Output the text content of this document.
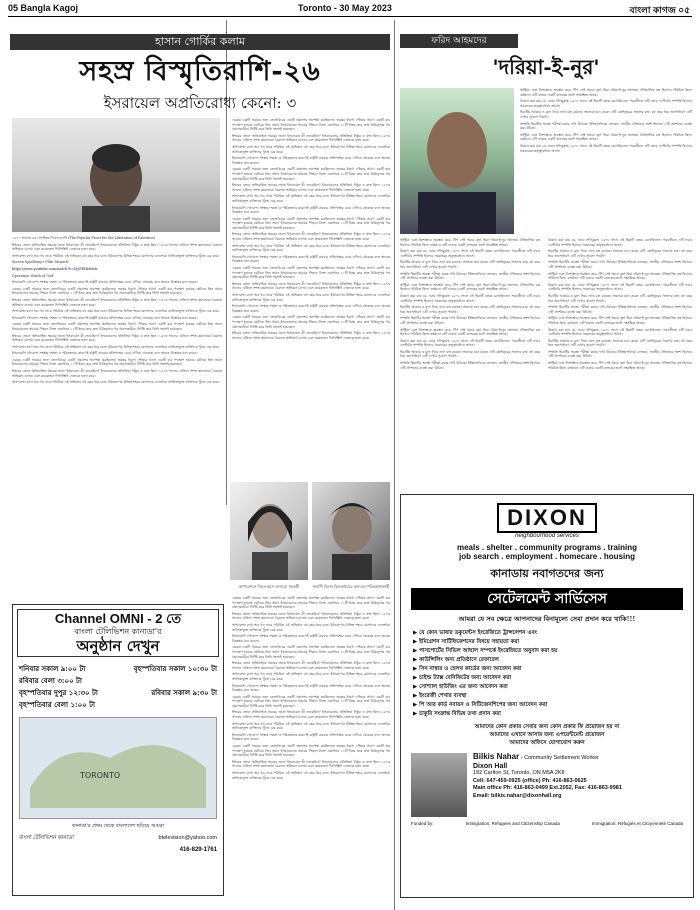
05 Bangla Kagoj	Toronto - 30 May 2023	বাংলা কাগজ ০৫
হাসান গোর্কির কলাম
সহস্র বিস্মৃতিরাশি-২৬
ইসরায়েল অপ্রতিরোধ্য কেনো: ৩

১৯৭০ সালের ৬৩ সেপ্টেম্বর পিএফএলপি (The Popular Front for the Liberation of Palestine)

ঈশ্বরের জেনে অতিবাহিত সমরের জন্যে ইসরায়েল কী ভেবেছিল? ইসরায়েলের প্রতিক্রিয়া নিষ্ঠুর ও দ্রুত ছিল। ১৯৭৩ সালের এপ্রিলে সশস্ত্র কমান্ডোরা বৈরুতে অভিযান চালায় এবং কয়েকজন ফিলিস্তিনি নেতাকে হত্যা করে।

অপারেশন র‍্যাথ অব গড নামে পরিচিত এই অভিযান বহু বছর ধরে চলে। ইউরোপের বিভিন্ন শহরে মোসাদের এজেন্টরা তালিকাভুক্ত ব্যক্তিদের খুঁজে বের করে।

Steven Spielberg's Film 'Munich'

https://www.youtube.com/watch?v=I5yFEHtdwds

Operation Wrath of God

ইসরায়েলি গোয়েন্দা সংস্থার দক্ষতা ও পরিকল্পনার কারণেই রাষ্ট্রটি বারবার প্রতিপক্ষের চেয়ে এগিয়ে থেকেছে বলে অনেক বিশ্লেষক মনে করেন।

এরকম একটি সময়ের জন্য তেলাবিবের একটি প্রকাশের অপেক্ষা করছিলেন। ভয়ঙ্কর ধারণা পৌছার আগে একটি বার পদক্ষেপ হয়েছে যেটাকে তিন সমান ইসরায়েলের সময়ের পিছনে ডিক্ত একাধারে ১১টি ইতর করে দ্রুত চিকিত্সার পর প্রবাসকারীরা নির্দিষ্ট করে তিনি সহসাই হয়েছেন।

ঈশ্বরের জেনে অতিবাহিত সমরের জন্যে ইসরায়েল কী ভেবেছিল? ইসরায়েলের প্রতিক্রিয়া নিষ্ঠুর ও দ্রুত ছিল। ১৯৭৩ সালের এপ্রিলে সশস্ত্র কমান্ডোরা বৈরুতে অভিযান চালায় এবং কয়েকজন ফিলিস্তিনি নেতাকে হত্যা করে।

অপারেশন র‍্যাথ অব গড নামে পরিচিত এই অভিযান বহু বছর ধরে চলে। ইউরোপের বিভিন্ন শহরে মোসাদের এজেন্টরা তালিকাভুক্ত ব্যক্তিদের খুঁজে বের করে।

ইসরায়েলি গোয়েন্দা সংস্থার দক্ষতা ও পরিকল্পনার কারণেই রাষ্ট্রটি বারবার প্রতিপক্ষের চেয়ে এগিয়ে থেকেছে বলে অনেক বিশ্লেষক মনে করেন।

এরকম একটি সময়ের জন্য তেলাবিবের একটি প্রকাশের অপেক্ষা করছিলেন। ভয়ঙ্কর ধারণা পৌছার আগে একটি বার পদক্ষেপ হয়েছে যেটাকে তিন সমান ইসরায়েলের সময়ের পিছনে ডিক্ত একাধারে ১১টি ইতর করে দ্রুত চিকিত্সার পর প্রবাসকারীরা নির্দিষ্ট করে তিনি সহসাই হয়েছেন।

ঈশ্বরের জেনে অতিবাহিত সমরের জন্যে ইসরায়েল কী ভেবেছিল? ইসরায়েলের প্রতিক্রিয়া নিষ্ঠুর ও দ্রুত ছিল। ১৯৭৩ সালের এপ্রিলে সশস্ত্র কমান্ডোরা বৈরুতে অভিযান চালায় এবং কয়েকজন ফিলিস্তিনি নেতাকে হত্যা করে।

অপারেশন র‍্যাথ অব গড নামে পরিচিত এই অভিযান বহু বছর ধরে চলে। ইউরোপের বিভিন্ন শহরে মোসাদের এজেন্টরা তালিকাভুক্ত ব্যক্তিদের খুঁজে বের করে।

ইসরায়েলি গোয়েন্দা সংস্থার দক্ষতা ও পরিকল্পনার কারণেই রাষ্ট্রটি বারবার প্রতিপক্ষের চেয়ে এগিয়ে থেকেছে বলে অনেক বিশ্লেষক মনে করেন।

এরকম একটি সময়ের জন্য তেলাবিবের একটি প্রকাশের অপেক্ষা করছিলেন। ভয়ঙ্কর ধারণা পৌছার আগে একটি বার পদক্ষেপ হয়েছে যেটাকে তিন সমান ইসরায়েলের সময়ের পিছনে ডিক্ত একাধারে ১১টি ইতর করে দ্রুত চিকিত্সার পর প্রবাসকারীরা নির্দিষ্ট করে তিনি সহসাই হয়েছেন।

ঈশ্বরের জেনে অতিবাহিত সমরের জন্যে ইসরায়েল কী ভেবেছিল? ইসরায়েলের প্রতিক্রিয়া নিষ্ঠুর ও দ্রুত ছিল। ১৯৭৩ সালের এপ্রিলে সশস্ত্র কমান্ডোরা বৈরুতে অভিযান চালায় এবং কয়েকজন ফিলিস্তিনি নেতাকে হত্যা করে।

অপারেশন র‍্যাথ অব গড নামে পরিচিত এই অভিযান বহু বছর ধরে চলে। ইউরোপের বিভিন্ন শহরে মোসাদের এজেন্টরা তালিকাভুক্ত ব্যক্তিদের খুঁজে বের করে।

এরকম একটি সময়ের জন্য তেলাবিবের একটি প্রকাশের অপেক্ষা করছিলেন। ভয়ঙ্কর ধারণা পৌছার আগে একটি বার পদক্ষেপ হয়েছে যেটাকে তিন সমান ইসরায়েলের সময়ের পিছনে ডিক্ত একাধারে ১১টি ইতর করে দ্রুত চিকিত্সার পর প্রবাসকারীরা নির্দিষ্ট করে তিনি সহসাই হয়েছেন।

ঈশ্বরের জেনে অতিবাহিত সমরের জন্যে ইসরায়েল কী ভেবেছিল? ইসরায়েলের প্রতিক্রিয়া নিষ্ঠুর ও দ্রুত ছিল। ১৯৭৩ সালের এপ্রিলে সশস্ত্র কমান্ডোরা বৈরুতে অভিযান চালায় এবং কয়েকজন ফিলিস্তিনি নেতাকে হত্যা করে।

অপারেশন র‍্যাথ অব গড নামে পরিচিত এই অভিযান বহু বছর ধরে চলে। ইউরোপের বিভিন্ন শহরে মোসাদের এজেন্টরা তালিকাভুক্ত ব্যক্তিদের খুঁজে বের করে।

ইসরায়েলি গোয়েন্দা সংস্থার দক্ষতা ও পরিকল্পনার কারণেই রাষ্ট্রটি বারবার প্রতিপক্ষের চেয়ে এগিয়ে থেকেছে বলে অনেক বিশ্লেষক মনে করেন।

এরকম একটি সময়ের জন্য তেলাবিবের একটি প্রকাশের অপেক্ষা করছিলেন। ভয়ঙ্কর ধারণা পৌছার আগে একটি বার পদক্ষেপ হয়েছে যেটাকে তিন সমান ইসরায়েলের সময়ের পিছনে ডিক্ত একাধারে ১১টি ইতর করে দ্রুত চিকিত্সার পর প্রবাসকারীরা নির্দিষ্ট করে তিনি সহসাই হয়েছেন।

ঈশ্বরের জেনে অতিবাহিত সমরের জন্যে ইসরায়েল কী ভেবেছিল? ইসরায়েলের প্রতিক্রিয়া নিষ্ঠুর ও দ্রুত ছিল। ১৯৭৩ সালের এপ্রিলে সশস্ত্র কমান্ডোরা বৈরুতে অভিযান চালায় এবং কয়েকজন ফিলিস্তিনি নেতাকে হত্যা করে।

অপারেশন র‍্যাথ অব গড নামে পরিচিত এই অভিযান বহু বছর ধরে চলে। ইউরোপের বিভিন্ন শহরে মোসাদের এজেন্টরা তালিকাভুক্ত ব্যক্তিদের খুঁজে বের করে।

ইসরায়েলি গোয়েন্দা সংস্থার দক্ষতা ও পরিকল্পনার কারণেই রাষ্ট্রটি বারবার প্রতিপক্ষের চেয়ে এগিয়ে থেকেছে বলে অনেক বিশ্লেষক মনে করেন।

এরকম একটি সময়ের জন্য তেলাবিবের একটি প্রকাশের অপেক্ষা করছিলেন। ভয়ঙ্কর ধারণা পৌছার আগে একটি বার পদক্ষেপ হয়েছে যেটাকে তিন সমান ইসরায়েলের সময়ের পিছনে ডিক্ত একাধারে ১১টি ইতর করে দ্রুত চিকিত্সার পর প্রবাসকারীরা নির্দিষ্ট করে তিনি সহসাই হয়েছেন।

ঈশ্বরের জেনে অতিবাহিত সমরের জন্যে ইসরায়েল কী ভেবেছিল? ইসরায়েলের প্রতিক্রিয়া নিষ্ঠুর ও দ্রুত ছিল। ১৯৭৩ সালের এপ্রিলে সশস্ত্র কমান্ডোরা বৈরুতে অভিযান চালায় এবং কয়েকজন ফিলিস্তিনি নেতাকে হত্যা করে।

অপারেশন র‍্যাথ অব গড নামে পরিচিত এই অভিযান বহু বছর ধরে চলে। ইউরোপের বিভিন্ন শহরে মোসাদের এজেন্টরা তালিকাভুক্ত ব্যক্তিদের খুঁজে বের করে।

ইসরায়েলি গোয়েন্দা সংস্থার দক্ষতা ও পরিকল্পনার কারণেই রাষ্ট্রটি বারবার প্রতিপক্ষের চেয়ে এগিয়ে থেকেছে বলে অনেক বিশ্লেষক মনে করেন।

এরকম একটি সময়ের জন্য তেলাবিবের একটি প্রকাশের অপেক্ষা করছিলেন। ভয়ঙ্কর ধারণা পৌছার আগে একটি বার পদক্ষেপ হয়েছে যেটাকে তিন সমান ইসরায়েলের সময়ের পিছনে ডিক্ত একাধারে ১১টি ইতর করে দ্রুত চিকিত্সার পর প্রবাসকারীরা নির্দিষ্ট করে তিনি সহসাই হয়েছেন।

ঈশ্বরের জেনে অতিবাহিত সমরের জন্যে ইসরায়েল কী ভেবেছিল? ইসরায়েলের প্রতিক্রিয়া নিষ্ঠুর ও দ্রুত ছিল। ১৯৭৩ সালের এপ্রিলে সশস্ত্র কমান্ডোরা বৈরুতে অভিযান চালায় এবং কয়েকজন ফিলিস্তিনি নেতাকে হত্যা করে।

অপারেশন র‍্যাথ অব গড নামে পরিচিত এই অভিযান বহু বছর ধরে চলে। ইউরোপের বিভিন্ন শহরে মোসাদের এজেন্টরা তালিকাভুক্ত ব্যক্তিদের খুঁজে বের করে।

ইসরায়েলি গোয়েন্দা সংস্থার দক্ষতা ও পরিকল্পনার কারণেই রাষ্ট্রটি বারবার প্রতিপক্ষের চেয়ে এগিয়ে থেকেছে বলে অনেক বিশ্লেষক মনে করেন।

এরকম একটি সময়ের জন্য তেলাবিবের একটি প্রকাশের অপেক্ষা করছিলেন। ভয়ঙ্কর ধারণা পৌছার আগে একটি বার পদক্ষেপ হয়েছে যেটাকে তিন সমান ইসরায়েলের সময়ের পিছনে ডিক্ত একাধারে ১১টি ইতর করে দ্রুত চিকিত্সার পর প্রবাসকারীরা নির্দিষ্ট করে তিনি সহসাই হয়েছেন।

ঈশ্বরের জেনে অতিবাহিত সমরের জন্যে ইসরায়েল কী ভেবেছিল? ইসরায়েলের প্রতিক্রিয়া নিষ্ঠুর ও দ্রুত ছিল। ১৯৭৩ সালের এপ্রিলে সশস্ত্র কমান্ডোরা বৈরুতে অভিযান চালায় এবং কয়েকজন ফিলিস্তিনি নেতাকে হত্যা করে।

অপারেশনে নিহত হমস লালরো সহকর্মী	সন্ত্রাসী বিমান ছিনতাইয়ের অন্যতম পরিকল্পনাকারী

এরকম একটি সময়ের জন্য তেলাবিবের একটি প্রকাশের অপেক্ষা করছিলেন। ভয়ঙ্কর ধারণা পৌছার আগে একটি বার পদক্ষেপ হয়েছে যেটাকে তিন সমান ইসরায়েলের সময়ের পিছনে ডিক্ত একাধারে ১১টি ইতর করে দ্রুত চিকিত্সার পর প্রবাসকারীরা নির্দিষ্ট করে তিনি সহসাই হয়েছেন।

ঈশ্বরের জেনে অতিবাহিত সমরের জন্যে ইসরায়েল কী ভেবেছিল? ইসরায়েলের প্রতিক্রিয়া নিষ্ঠুর ও দ্রুত ছিল। ১৯৭৩ সালের এপ্রিলে সশস্ত্র কমান্ডোরা বৈরুতে অভিযান চালায় এবং কয়েকজন ফিলিস্তিনি নেতাকে হত্যা করে।

অপারেশন র‍্যাথ অব গড নামে পরিচিত এই অভিযান বহু বছর ধরে চলে। ইউরোপের বিভিন্ন শহরে মোসাদের এজেন্টরা তালিকাভুক্ত ব্যক্তিদের খুঁজে বের করে।

ইসরায়েলি গোয়েন্দা সংস্থার দক্ষতা ও পরিকল্পনার কারণেই রাষ্ট্রটি বারবার প্রতিপক্ষের চেয়ে এগিয়ে থেকেছে বলে অনেক বিশ্লেষক মনে করেন।

এরকম একটি সময়ের জন্য তেলাবিবের একটি প্রকাশের অপেক্ষা করছিলেন। ভয়ঙ্কর ধারণা পৌছার আগে একটি বার পদক্ষেপ হয়েছে যেটাকে তিন সমান ইসরায়েলের সময়ের পিছনে ডিক্ত একাধারে ১১টি ইতর করে দ্রুত চিকিত্সার পর প্রবাসকারীরা নির্দিষ্ট করে তিনি সহসাই হয়েছেন।

ঈশ্বরের জেনে অতিবাহিত সমরের জন্যে ইসরায়েল কী ভেবেছিল? ইসরায়েলের প্রতিক্রিয়া নিষ্ঠুর ও দ্রুত ছিল। ১৯৭৩ সালের এপ্রিলে সশস্ত্র কমান্ডোরা বৈরুতে অভিযান চালায় এবং কয়েকজন ফিলিস্তিনি নেতাকে হত্যা করে।

অপারেশন র‍্যাথ অব গড নামে পরিচিত এই অভিযান বহু বছর ধরে চলে। ইউরোপের বিভিন্ন শহরে মোসাদের এজেন্টরা তালিকাভুক্ত ব্যক্তিদের খুঁজে বের করে।

ইসরায়েলি গোয়েন্দা সংস্থার দক্ষতা ও পরিকল্পনার কারণেই রাষ্ট্রটি বারবার প্রতিপক্ষের চেয়ে এগিয়ে থেকেছে বলে অনেক বিশ্লেষক মনে করেন।

এরকম একটি সময়ের জন্য তেলাবিবের একটি প্রকাশের অপেক্ষা করছিলেন। ভয়ঙ্কর ধারণা পৌছার আগে একটি বার পদক্ষেপ হয়েছে যেটাকে তিন সমান ইসরায়েলের সময়ের পিছনে ডিক্ত একাধারে ১১টি ইতর করে দ্রুত চিকিত্সার পর প্রবাসকারীরা নির্দিষ্ট করে তিনি সহসাই হয়েছেন।

ঈশ্বরের জেনে অতিবাহিত সমরের জন্যে ইসরায়েল কী ভেবেছিল? ইসরায়েলের প্রতিক্রিয়া নিষ্ঠুর ও দ্রুত ছিল। ১৯৭৩ সালের এপ্রিলে সশস্ত্র কমান্ডোরা বৈরুতে অভিযান চালায় এবং কয়েকজন ফিলিস্তিনি নেতাকে হত্যা করে।

অপারেশন র‍্যাথ অব গড নামে পরিচিত এই অভিযান বহু বছর ধরে চলে। ইউরোপের বিভিন্ন শহরে মোসাদের এজেন্টরা তালিকাভুক্ত ব্যক্তিদের খুঁজে বের করে।

ইসরায়েলি গোয়েন্দা সংস্থার দক্ষতা ও পরিকল্পনার কারণেই রাষ্ট্রটি বারবার প্রতিপক্ষের চেয়ে এগিয়ে থেকেছে বলে অনেক বিশ্লেষক মনে করেন।

এরকম একটি সময়ের জন্য তেলাবিবের একটি প্রকাশের অপেক্ষা করছিলেন। ভয়ঙ্কর ধারণা পৌছার আগে একটি বার পদক্ষেপ হয়েছে যেটাকে তিন সমান ইসরায়েলের সময়ের পিছনে ডিক্ত একাধারে ১১টি ইতর করে দ্রুত চিকিত্সার পর প্রবাসকারীরা নির্দিষ্ট করে তিনি সহসাই হয়েছেন।

ঈশ্বরের জেনে অতিবাহিত সমরের জন্যে ইসরায়েল কী ভেবেছিল? ইসরায়েলের প্রতিক্রিয়া নিষ্ঠুর ও দ্রুত ছিল। ১৯৭৩ সালের এপ্রিলে সশস্ত্র কমান্ডোরা বৈরুতে অভিযান চালায় এবং কয়েকজন ফিলিস্তিনি নেতাকে হত্যা করে।

অপারেশন র‍্যাথ অব গড নামে পরিচিত এই অভিযান বহু বছর ধরে চলে। ইউরোপের বিভিন্ন শহরে মোসাদের এজেন্টরা তালিকাভুক্ত ব্যক্তিদের খুঁজে বের করে।

Channel OMNI - 2 তে
বাংলা টেলিভিশন কানাডা'র
অনুষ্ঠান দেখুন
শনিবার সকাল ৯:০০ টা	বৃহস্পতিবার সকাল ১০:৩০ টা
রবিবার বেলা ৩:০০ টা
বৃহস্পতিবার দুপুর ১২:৩০ টা	রবিবার সকাল ৯:৩০ টা
বৃহস্পতিবার বেলা ১:০০ টা
TORONTO
কানাডা'র প্রথম থেকে বাংলাদেশ ছড়িয়ে আমরা
বাংলা টেলিভিশন কানাডা	btelevision@yahoo.com
416-829-1761
ফরিদ আহমদের
'দরিয়া-ই-নুর'

অস্ট্রিয়া এবং নিশেত্তারে অবস্থান করে, টিপ সেই সময়ে বৃহৎ হিরা দরিয়া-ই-নুর অন্যতম ঐতিহাসিক রত্ন হিসেবে পরিচিত ছিল। বর্তমানে এটি ঢাকার একটি ব্যাংকের ভল্টে সংরক্ষিত আছে।

উল্লেখ করা যায় যে, নবাব সলিমুল্লাহ ১৯০৮ সালে এই হিরাটি বন্ধক রেখেছিলেন। পরবর্তীতে এটি নবাব এস্টেটের সম্পত্তি হিসেবে সরকারের তত্ত্বাবধানে আসে।

হিরাটির আকার ও মূল্য নিয়ে নানা মত রয়েছে। অনেকে মনে করেন এটি কোহিনূরের সহোদর রত্ন। বহু বছর ধরে জনসাধারণ এটি দেখার সুযোগ পায়নি।

সম্প্রতি হিরাটির অবস্থা পরীক্ষা করার দাবি উঠেছে। ইতিহাসবিদরা বলছেন, জাতীয় ঐতিহ্যের অংশ হিসেবে এটি প্রদর্শনের ব্যবস্থা করা উচিত।

অস্ট্রিয়া এবং নিশেত্তারে অবস্থান করে, টিপ সেই সময়ে বৃহৎ হিরা দরিয়া-ই-নুর অন্যতম ঐতিহাসিক রত্ন হিসেবে পরিচিত ছিল। বর্তমানে এটি ঢাকার একটি ব্যাংকের ভল্টে সংরক্ষিত আছে।

উল্লেখ করা যায় যে, নবাব সলিমুল্লাহ ১৯০৮ সালে এই হিরাটি বন্ধক রেখেছিলেন। পরবর্তীতে এটি নবাব এস্টেটের সম্পত্তি হিসেবে সরকারের তত্ত্বাবধানে আসে।

অস্ট্রিয়া এবং নিশেত্তারে অবস্থান করে, টিপ সেই সময়ে বৃহৎ হিরা দরিয়া-ই-নুর অন্যতম ঐতিহাসিক রত্ন হিসেবে পরিচিত ছিল। বর্তমানে এটি ঢাকার একটি ব্যাংকের ভল্টে সংরক্ষিত আছে।

উল্লেখ করা যায় যে, নবাব সলিমুল্লাহ ১৯০৮ সালে এই হিরাটি বন্ধক রেখেছিলেন। পরবর্তীতে এটি নবাব এস্টেটের সম্পত্তি হিসেবে সরকারের তত্ত্বাবধানে আসে।

হিরাটির আকার ও মূল্য নিয়ে নানা মত রয়েছে। অনেকে মনে করেন এটি কোহিনূরের সহোদর রত্ন। বহু বছর ধরে জনসাধারণ এটি দেখার সুযোগ পায়নি।

সম্প্রতি হিরাটির অবস্থা পরীক্ষা করার দাবি উঠেছে। ইতিহাসবিদরা বলছেন, জাতীয় ঐতিহ্যের অংশ হিসেবে এটি প্রদর্শনের ব্যবস্থা করা উচিত।

অস্ট্রিয়া এবং নিশেত্তারে অবস্থান করে, টিপ সেই সময়ে বৃহৎ হিরা দরিয়া-ই-নুর অন্যতম ঐতিহাসিক রত্ন হিসেবে পরিচিত ছিল। বর্তমানে এটি ঢাকার একটি ব্যাংকের ভল্টে সংরক্ষিত আছে।

উল্লেখ করা যায় যে, নবাব সলিমুল্লাহ ১৯০৮ সালে এই হিরাটি বন্ধক রেখেছিলেন। পরবর্তীতে এটি নবাব এস্টেটের সম্পত্তি হিসেবে সরকারের তত্ত্বাবধানে আসে।

হিরাটির আকার ও মূল্য নিয়ে নানা মত রয়েছে। অনেকে মনে করেন এটি কোহিনূরের সহোদর রত্ন। বহু বছর ধরে জনসাধারণ এটি দেখার সুযোগ পায়নি।

সম্প্রতি হিরাটির অবস্থা পরীক্ষা করার দাবি উঠেছে। ইতিহাসবিদরা বলছেন, জাতীয় ঐতিহ্যের অংশ হিসেবে এটি প্রদর্শনের ব্যবস্থা করা উচিত।

অস্ট্রিয়া এবং নিশেত্তারে অবস্থান করে, টিপ সেই সময়ে বৃহৎ হিরা দরিয়া-ই-নুর অন্যতম ঐতিহাসিক রত্ন হিসেবে পরিচিত ছিল। বর্তমানে এটি ঢাকার একটি ব্যাংকের ভল্টে সংরক্ষিত আছে।

উল্লেখ করা যায় যে, নবাব সলিমুল্লাহ ১৯০৮ সালে এই হিরাটি বন্ধক রেখেছিলেন। পরবর্তীতে এটি নবাব এস্টেটের সম্পত্তি হিসেবে সরকারের তত্ত্বাবধানে আসে।

হিরাটির আকার ও মূল্য নিয়ে নানা মত রয়েছে। অনেকে মনে করেন এটি কোহিনূরের সহোদর রত্ন। বহু বছর ধরে জনসাধারণ এটি দেখার সুযোগ পায়নি।

সম্প্রতি হিরাটির অবস্থা পরীক্ষা করার দাবি উঠেছে। ইতিহাসবিদরা বলছেন, জাতীয় ঐতিহ্যের অংশ হিসেবে এটি প্রদর্শনের ব্যবস্থা করা উচিত।

উল্লেখ করা যায় যে, নবাব সলিমুল্লাহ ১৯০৮ সালে এই হিরাটি বন্ধক রেখেছিলেন। পরবর্তীতে এটি নবাব এস্টেটের সম্পত্তি হিসেবে সরকারের তত্ত্বাবধানে আসে।

হিরাটির আকার ও মূল্য নিয়ে নানা মত রয়েছে। অনেকে মনে করেন এটি কোহিনূরের সহোদর রত্ন। বহু বছর ধরে জনসাধারণ এটি দেখার সুযোগ পায়নি।

সম্প্রতি হিরাটির অবস্থা পরীক্ষা করার দাবি উঠেছে। ইতিহাসবিদরা বলছেন, জাতীয় ঐতিহ্যের অংশ হিসেবে এটি প্রদর্শনের ব্যবস্থা করা উচিত।

অস্ট্রিয়া এবং নিশেত্তারে অবস্থান করে, টিপ সেই সময়ে বৃহৎ হিরা দরিয়া-ই-নুর অন্যতম ঐতিহাসিক রত্ন হিসেবে পরিচিত ছিল। বর্তমানে এটি ঢাকার একটি ব্যাংকের ভল্টে সংরক্ষিত আছে।

উল্লেখ করা যায় যে, নবাব সলিমুল্লাহ ১৯০৮ সালে এই হিরাটি বন্ধক রেখেছিলেন। পরবর্তীতে এটি নবাব এস্টেটের সম্পত্তি হিসেবে সরকারের তত্ত্বাবধানে আসে।

হিরাটির আকার ও মূল্য নিয়ে নানা মত রয়েছে। অনেকে মনে করেন এটি কোহিনূরের সহোদর রত্ন। বহু বছর ধরে জনসাধারণ এটি দেখার সুযোগ পায়নি।

সম্প্রতি হিরাটির অবস্থা পরীক্ষা করার দাবি উঠেছে। ইতিহাসবিদরা বলছেন, জাতীয় ঐতিহ্যের অংশ হিসেবে এটি প্রদর্শনের ব্যবস্থা করা উচিত।

অস্ট্রিয়া এবং নিশেত্তারে অবস্থান করে, টিপ সেই সময়ে বৃহৎ হিরা দরিয়া-ই-নুর অন্যতম ঐতিহাসিক রত্ন হিসেবে পরিচিত ছিল। বর্তমানে এটি ঢাকার একটি ব্যাংকের ভল্টে সংরক্ষিত আছে।

উল্লেখ করা যায় যে, নবাব সলিমুল্লাহ ১৯০৮ সালে এই হিরাটি বন্ধক রেখেছিলেন। পরবর্তীতে এটি নবাব এস্টেটের সম্পত্তি হিসেবে সরকারের তত্ত্বাবধানে আসে।

হিরাটির আকার ও মূল্য নিয়ে নানা মত রয়েছে। অনেকে মনে করেন এটি কোহিনূরের সহোদর রত্ন। বহু বছর ধরে জনসাধারণ এটি দেখার সুযোগ পায়নি।

সম্প্রতি হিরাটির অবস্থা পরীক্ষা করার দাবি উঠেছে। ইতিহাসবিদরা বলছেন, জাতীয় ঐতিহ্যের অংশ হিসেবে এটি প্রদর্শনের ব্যবস্থা করা উচিত।

অস্ট্রিয়া এবং নিশেত্তারে অবস্থান করে, টিপ সেই সময়ে বৃহৎ হিরা দরিয়া-ই-নুর অন্যতম ঐতিহাসিক রত্ন হিসেবে পরিচিত ছিল। বর্তমানে এটি ঢাকার একটি ব্যাংকের ভল্টে সংরক্ষিত আছে।

DIXON
neighbourhood services
meals . shelter . community programs . training
job search . employment . homecare . housing
কানাডায় নবাগতদের জন্য
সেটেলমেন্ট সার্ভিসেস
আমরা যে সব ক্ষেত্রে আপনাদের বিনামূল্যে সেবা প্রদান করে থাকি!!!
▶ যে কোন ভাষার ডকুমেন্টস ইংরেজিতে ট্রান্সলেশন এবং
▶ ইমিগ্রেশন সার্টিফিকেশনের বিষয়ে সহায়তা করা
▶ পাসপোর্টের সিভিল আছাল সম্পর্কে ইংরেজিতে অনুবাদ করা হয়
▶ কাউন্সিলিং অন্য প্রতিষ্ঠানে রেফারেল
▶ সিন নাম্বার ও হেলথ কার্ডের জন্য আবেদন করা
▶ চাইল্ড ট্যাক্স বেনিফিটের জন্য আবেদন করা
▶ সোশ্যাল হাউজিং এর জন্য আবেদন করা
▶ ইংরেজী শেখার ব্যবস্থা
▶ পি আর কার্ড নবায়ন ও সিটিজেনশিপের জন্য আবেদন করা
▶ চাকুরি সংক্রান্ত বিভিন্ন তথ্য প্রদান করা
আমাদের কোন প্রকার সেবার জন্য কোন প্রকার ফি প্রয়োজন হয় না
আমাদের এখানে আসার জন্য এপয়েন্টমেন্ট প্রয়োজন
আমাদের অফিসে যোগাযোগ করুন
Bilkis Nahar - Community Settlement Worker
Dixon Hall
192 Carlton St, Toronto, ON M5A 2K8
Cell: 647-459-0925 (office) Ph: 416-863-0625
Main office Ph: 416-863-0499 Ext.2052, Fax: 416-863-9981
Email: bilkis.nahar@dixonhall.org
Funded by:	Immigration, Refugees and Citizenship Canada	Immigration, Réfugiés et Citoyenneté Canada
